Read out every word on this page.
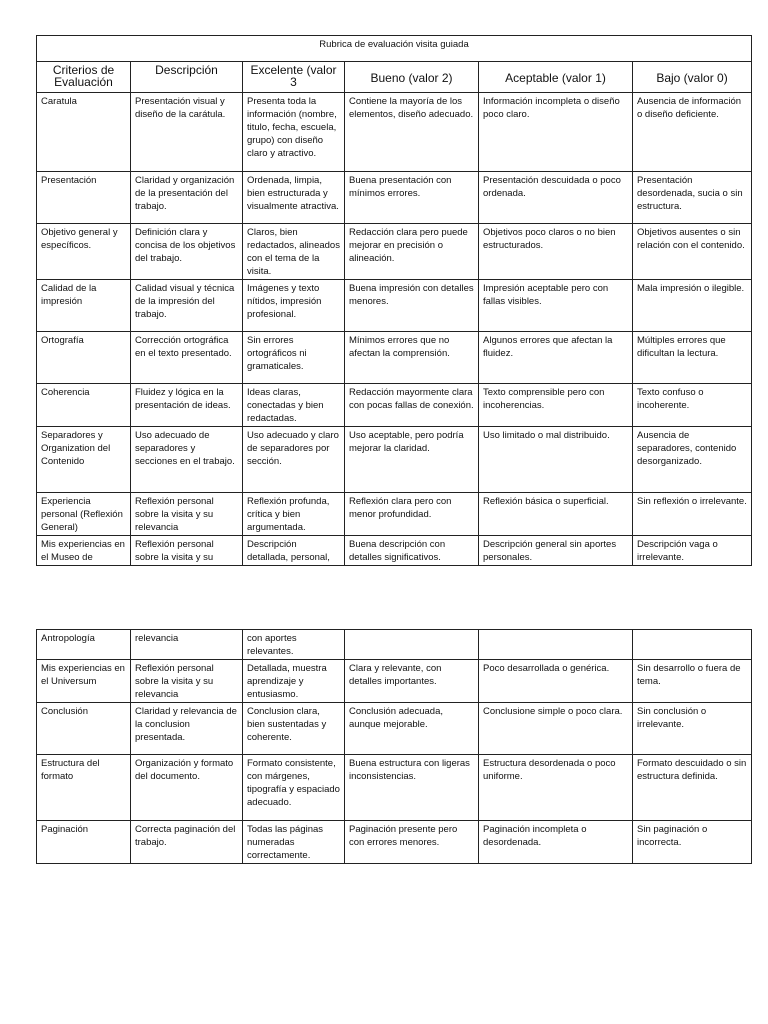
Rubrica de evaluación visita guiada					
Criterios de Evaluación	Descripción	Excelente (valor 3	Bueno (valor 2)	Aceptable (valor 1)	Bajo (valor 0)
Caratula	Presentación visual y diseño de la carátula.	Presenta toda la información (nombre, titulo, fecha, escuela, grupo) con diseño claro y atractivo.	Contiene la mayoría de los elementos, diseño adecuado.	Información incompleta o diseño poco claro.	Ausencia de información o diseño deficiente.
Presentación	Claridad y organización de la presentación del trabajo.	Ordenada, limpia, bien estructurada y visualmente atractiva.	Buena presentación con mínimos errores.	Presentación descuidada o poco ordenada.	Presentación desordenada, sucia o sin estructura.
Objetivo general y específicos.	Definición clara y concisa de los objetivos del trabajo.	Claros, bien redactados, alineados con el tema de la visita.	Redacción clara pero puede mejorar en precisión o alineación.	Objetivos poco claros o no bien estructurados.	Objetivos ausentes o sin relación con el contenido.
Calidad de la impresión	Calidad visual y técnica de la impresión del trabajo.	Imágenes y texto nítidos, impresión profesional.	Buena impresión con detalles menores.	Impresión aceptable pero con fallas visibles.	Mala impresión o ilegible.
Ortografía	Corrección ortográfica en el texto presentado.	Sin errores ortográficos ni gramaticales.	Mínimos errores que no afectan la comprensión.	Algunos errores que afectan la fluidez.	Múltiples errores que dificultan la lectura.
Coherencia	Fluidez y lógica en la presentación de ideas.	Ideas claras, conectadas y bien redactadas.	Redacción mayormente clara con pocas fallas de conexión.	Texto comprensible pero con incoherencias.	Texto confuso o incoherente.
Separadores y Organization del Contenido	Uso adecuado de separadores y secciones en el trabajo.	Uso adecuado y claro de separadores por sección.	Uso aceptable, pero podría mejorar la claridad.	Uso limitado o mal distribuido.	Ausencia de separadores, contenido desorganizado.
Experiencia personal (Reflexión General)	Reflexión personal sobre la visita y su relevancia	Reflexión profunda, crítica y bien argumentada.	Reflexión clara pero con menor profundidad.	Reflexión básica o superficial.	Sin reflexión o irrelevante.
Mis experiencias en el Museo de	Reflexión personal sobre la visita y su	Descripción detallada, personal,	Buena descripción con detalles significativos.	Descripción general sin aportes personales.	Descripción vaga o irrelevante.
Antropología	relevancia	con aportes relevantes.			
Mis experiencias en el Universum	Reflexión personal sobre la visita y su relevancia	Detallada, muestra aprendizaje y entusiasmo.	Clara y relevante, con detalles importantes.	Poco desarrollada o genérica.	Sin desarrollo o fuera de tema.
Conclusión	Claridad y relevancia de la conclusion presentada.	Conclusion clara, bien sustentadas y coherente.	Conclusión adecuada, aunque mejorable.	Conclusione simple o poco clara.	Sin conclusión o irrelevante.
Estructura del formato	Organización y formato del documento.	Formato consistente, con márgenes, tipografía y espaciado adecuado.	Buena estructura con ligeras inconsistencias.	Estructura desordenada o poco uniforme.	Formato descuidado o sin estructura definida.
Paginación	Correcta paginación del trabajo.	Todas las páginas numeradas correctamente.	Paginación presente pero con errores menores.	Paginación incompleta o desordenada.	Sin paginación o incorrecta.
